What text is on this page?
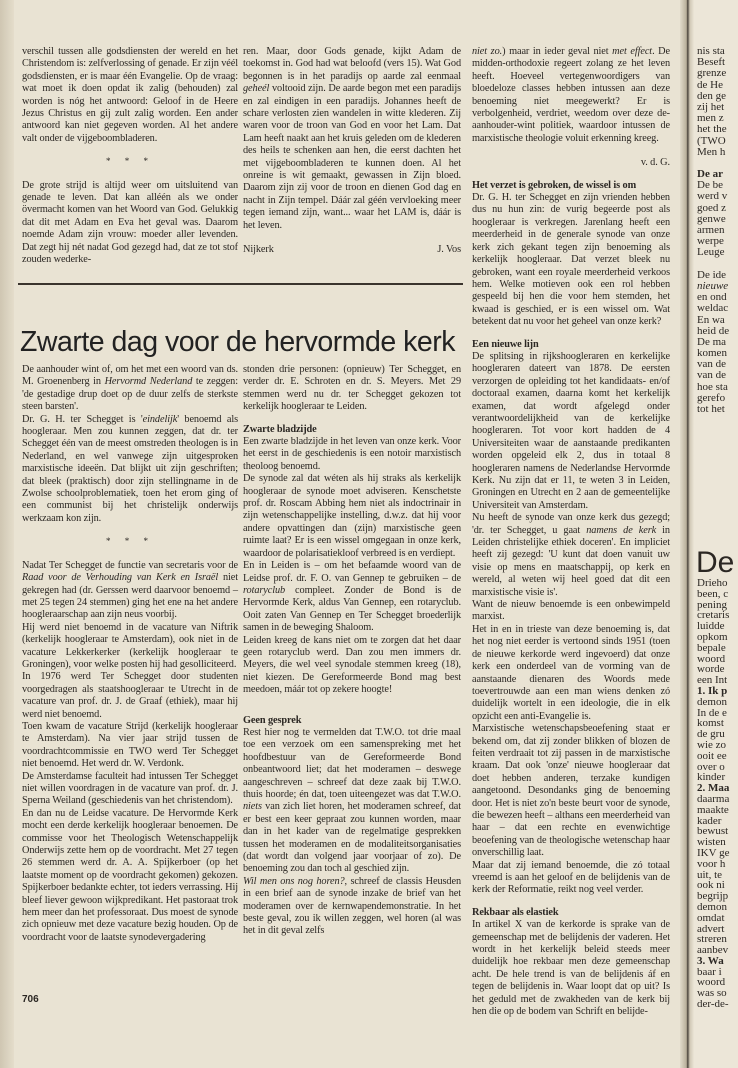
verschil tussen alle godsdiensten der wereld en het Christendom is: zelfverlossing of genade. Er zijn véél godsdiensten, er is maar één Evangelie. Op de vraag: wat moet ik doen opdat ik zalig (behouden) zal worden is nóg het antwoord: Geloof in de Heere Jezus Christus en gij zult zalig worden. Een ander antwoord kan niet gegeven worden. Al het andere valt onder de vijgeboombladeren.

* * *

De grote strijd is altijd weer om uitsluitend van genade te leven. Dat kan alléén als we onder övermacht komen van het Woord van God. Gelukkig dat dit met Adam en Eva het geval was. Daarom noemde Adam zijn vrouw: moeder aller levenden. Dat zegt hij nét nadat God gezegd had, dat ze tot stof zouden wederke-

ren. Maar, door Gods genade, kijkt Adam de toekomst in. God had wat beloofd (vers 15). Wat God begonnen is in het paradijs op aarde zal eenmaal geheél voltooid zijn. De aarde begon met een paradijs en zal eindigen in een paradijs. Johannes heeft de schare verlosten zien wandelen in witte klederen. Zij waren voor de troon van God en voor het Lam. Dat Lam heeft naakt aan het kruis geleden om de klederen des heils te schenken aan hen, die eerst dachten het met vijgeboombladeren te kunnen doen. Al het onreine is wit gemaakt, gewassen in Zijn bloed. Daarom zijn zij voor de troon en dienen God dag en nacht in Zijn tempel. Dáár zal géén vervloeking meer tegen iemand zijn, want... waar het LAM is, dáár is het leven.

Nijkerk	J. Vos

niet zo.) maar in ieder geval niet met effect. De midden-orthodoxie regeert zolang ze het leven heeft. Hoeveel vertegenwoordigers van bloedeloze classes hebben intussen aan deze benoeming niet meegewerkt? Er is verbolgenheid, verdriet, weedom over deze de-aanhouder-wint politiek, waardoor intussen de marxistische theologie voluit erkenning kreeg.

v. d. G.

Het verzet is gebroken, de wissel is om

Dr. G. H. ter Schegget en zijn vrienden hebben dus nu hun zin: de vurig begeerde post als hoogleraar is verkregen. Jarenlang heeft een meerderheid in de generale synode van onze kerk zich gekant tegen zijn benoeming als kerkelijk hoogleraar. Dat verzet bleek nu gebroken, want een royale meerderheid verkoos hem. Welke motieven ook een rol hebben gespeeld bij hen die voor hem stemden, het kwaad is geschied, er is een wissel om. Wat betekent dat nu voor het geheel van onze kerk?

Een nieuwe lijn

De splitsing in rijkshoogleraren en kerkelijke hoogleraren dateert van 1878. De eersten verzorgen de opleiding tot het kandidaats- en/of doctoraal examen, daarna komt het kerkelijk examen, dat wordt afgelegd onder verantwoordelijkheid van de kerkelijke hoogleraren. Tot voor kort hadden de 4 Universiteiten waar de aanstaande predikanten worden opgeleid elk 2, dus in totaal 8 hoogleraren namens de Nederlandse Hervormde Kerk. Nu zijn dat er 11, te weten 3 in Leiden, Groningen en Utrecht en 2 aan de gemeentelijke Universiteit van Amsterdam.

Nu heeft de synode van onze kerk dus gezegd; 'dr. ter Schegget, u gaat namens de kerk in Leiden christelijke ethiek doceren'. En impliciet heeft zij gezegd: 'U kunt dat doen vanuit uw visie op mens en maatschappij, op kerk en wereld, al weten wij heel goed dat dit een marxistische visie is'.

Want de nieuw benoemde is een onbewimpeld marxist.

Het in en in trieste van deze benoeming is, dat het nog niet eerder is vertoond sinds 1951 (toen de nieuwe kerkorde werd ingevoerd) dat onze kerk een onderdeel van de vorming van de aanstaande dienaren des Woords mede toevertrouwde aan een man wiens denken zó duidelijk wortelt in een ideologie, die in elk opzicht een anti-Evangelie is.

Marxistische wetenschapsbeoefening staat er bekend om, dat zij zonder blikken of blozen de feiten verdraait tot zij passen in de marxistische kraam. Dat ook 'onze' nieuwe hoogleraar dat doet hebben anderen, terzake kundigen aangetoond. Desondanks ging de benoeming door. Het is niet zo'n beste beurt voor de synode, die bewezen heeft – althans een meerderheid van haar – dat een rechte en evenwichtige beoefening van de theologische wetenschap haar onverschillig laat.

Maar dat zij iemand benoemde, die zó totaal vreemd is aan het geloof en de belijdenis van de kerk der Reformatie, reikt nog veel verder.

Rekbaar als elastiek

In artikel X van de kerkorde is sprake van de gemeenschap met de belijdenis der vaderen. Het wordt in het kerkelijk beleid steeds meer duidelijk hoe rekbaar men deze gemeenschap acht. De hele trend is van de belijdenis áf en tegen de belijdenis in. Waar loopt dat op uit? Is het geduld met de zwakheden van de kerk bij hen die op de bodem van Schrift en belijde-

Zwarte dag voor de hervormde kerk

De aanhouder wint of, om het met een woord van ds. M. Groenenberg in Hervormd Nederland te zeggen: 'de gestadige drup doet op de duur zelfs de sterkste steen barsten'.

Dr. G. H. ter Schegget is 'eindelijk' benoemd als hoogleraar. Men zou kunnen zeggen, dat dr. ter Schegget één van de meest omstreden theologen is in Nederland, en wel vanwege zijn uitgesproken marxistische ideeën. Dat blijkt uit zijn geschriften; dat bleek (praktisch) door zijn stellingname in de Zwolse schoolproblematiek, toen het erom ging of een communist bij het christelijk onderwijs werkzaam kon zijn.

* * *

Nadat Ter Schegget de functie van secretaris voor de Raad voor de Verhouding van Kerk en Israël niet gekregen had (dr. Gerssen werd daarvoor benoemd – met 25 tegen 24 stemmen) ging het ene na het andere hoogleraarschap aan zijn neus voorbij.

Hij werd niet benoemd in de vacature van Niftrik (kerkelijk hoogleraar te Amsterdam), ook niet in de vacature Lekkerkerker (kerkelijk hoogleraar te Groningen), voor welke posten hij had gesolliciteerd.

In 1976 werd Ter Schegget door studenten voorgedragen als staatshoogleraar te Utrecht in de vacature van prof. dr. J. de Graaf (ethiek), maar hij werd niet benoemd.

Toen kwam de vacature Strijd (kerkelijk hoogleraar te Amsterdam). Na vier jaar strijd tussen de voordrachtcommissie en TWO werd Ter Schegget niet benoemd. Het werd dr. W. Verdonk.

De Amsterdamse faculteit had intussen Ter Schegget niet willen voordragen in de vacature van prof. dr. J. Sperna Weiland (geschiedenis van het christendom).

En dan nu de Leidse vacature. De Hervormde Kerk mocht een derde kerkelijk hoogleraar benoemen. De commisse voor het Theologisch Wetenschappelijk Onderwijs zette hem op de voordracht. Met 27 tegen 26 stemmen werd dr. A. A. Spijkerboer (op het laatste moment op de voordracht gekomen) gekozen. Spijkerboer bedankte echter, tot ieders verrassing. Hij bleef liever gewoon wijkpredikant. Het pastoraat trok hem meer dan het professoraat. Dus moest de synode zich opnieuw met deze vacature bezig houden. Op de voordracht voor de laatste synodevergadering

stonden drie personen: (opnieuw) Ter Schegget, en verder dr. E. Schroten en dr. S. Meyers. Met 29 stemmen werd nu dr. ter Schegget gekozen tot kerkelijk hoogleraar te Leiden.

Zwarte bladzijde

Een zwarte bladzijde in het leven van onze kerk. Voor het eerst in de geschiedenis is een notoir marxistisch theoloog benoemd.

De synode zal dat wéten als hij straks als kerkelijk hoogleraar de synode moet adviseren. Kenschetste prof. dr. Roscam Abbing hem niet als indoctrinair in zijn wetenschappelijke instelling, d.w.z. dat hij voor andere opvattingen dan (zijn) marxistische geen ruimte laat? Er is een wissel omgegaan in onze kerk, waardoor de polarisatiekloof verbreed is en verdiept.

En in Leiden is – om het befaamde woord van de Leidse prof. dr. F. O. van Gennep te gebruiken – de rotaryclub compleet. Zonder de Bond is de Hervormde Kerk, aldus Van Gennep, een rotaryclub. Ooit zaten Van Gennep en Ter Schegget broederlijk samen in de beweging Shaloom.

Leiden kreeg de kans niet om te zorgen dat het daar geen rotaryclub werd. Dan zou men immers dr. Meyers, die wel veel synodale stemmen kreeg (18), niet kiezen. De Gereformeerde Bond mag best meedoen, máár tot op zekere hoogte!

Geen gesprek

Rest hier nog te vermelden dat T.W.O. tot drie maal toe een verzoek om een samenspreking met het hoofdbestuur van de Gereformeerde Bond onbeantwoord liet; dat het moderamen – deswege aangeschreven – schreef dat deze zaak bij T.W.O. thuis hoorde; én dat, toen uiteengezet was dat T.W.O. niets van zich liet horen, het moderamen schreef, dat er best een keer gepraat zou kunnen worden, maar dan in het kader van de regelmatige gesprekken tussen het moderamen en de modaliteitsorganisaties (dat wordt dan volgend jaar voorjaar of zo). De benoeming zou dan toch al geschied zijn.

Wil men ons nog horen?, schreef de classis Heusden in een brief aan de synode inzake de brief van het moderamen over de kernwapendemonstratie. In het beste geval, zou ik willen zeggen, wel horen (al was het in dit geval zelfs

706
nis sta
Beseft
grenze
de He
den ge
zij het
men z
het the
(TWO
Men h
De ar
De be
werd v
goed z
genwe
armen
werpe
Leuge
De ide
nieuwe
en ond
weldac
En wa
heid de
De ma
komen
van de
van de
hoe sta
gerefo
tot het
De
Drieho
been, c
pening
cretaris
luidde
opkom
bepale
woord
worde
een Int
1. Ik p
demon
In de e
komst
de gru
wie zo
ooit ee
over o
kinder
2. Maa
daarma
maakte
kader
bewust
wisten
IKV ge
voor h
uit, te
ook ni
begrijp
demon
omdat
advert
streren
aanbev
3. Wa
baar i
woord
was so
der-de-
